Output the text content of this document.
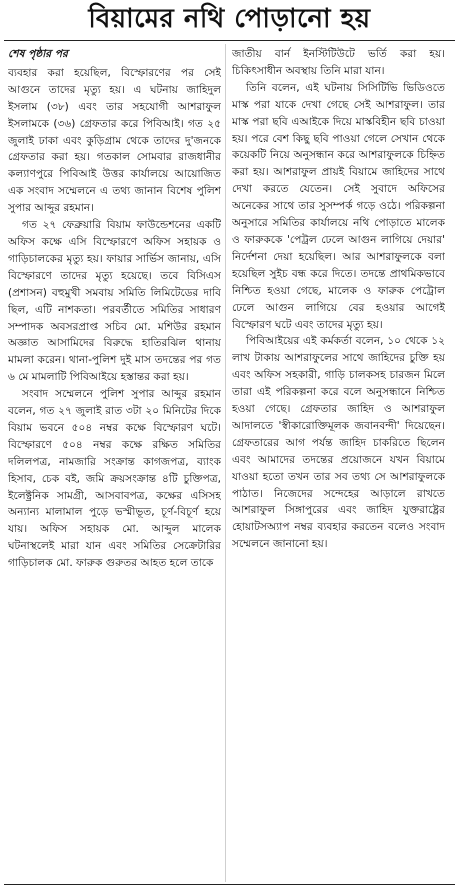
বিয়ামের নথি পোড়ানো হয়
শেষ পৃষ্ঠার পর

ব্যবহার করা হয়েছিল, বিস্ফোরণের পর সেই আগুনে তাদের মৃত্যু হয়। এ ঘটনায় জাহিদুল ইসলাম (৩৮) এবং তার সহযোগী আশরাফুল ইসলামকে (৩৬) গ্রেফতার করে পিবিআই। গত ২৫ জুলাই ঢাকা এবং কুড়িগ্রাম থেকে তাদের দু'জনকে গ্রেফতার করা হয়। গতকাল সোমবার রাজধানীর কল্যাণপুরে পিবিআই উত্তর কার্যালয়ে আয়োজিত এক সংবাদ সম্মেলনে এ তথ্য জানান বিশেষ পুলিশ সুপার আব্দুর রহমান।

গত ২৭ ফেব্রুয়ারি বিয়াম ফাউন্ডেশনের একটি অফিস কক্ষে এসি বিস্ফোরণে অফিস সহায়ক ও গাড়িচালকের মৃত্যু হয়। ফায়ার সার্ভিস জানায়, এসি বিস্ফোরণে তাদের মৃত্যু হয়েছে। তবে বিসিএস (প্রশাসন) বহুমুখী সমবায় সমিতি লিমিটেডের দাবি ছিল, এটি নাশকতা। পরবর্তীতে সমিতির সাধারণ সম্পাদক অবসরপ্রাপ্ত সচিব মো. মশিউর রহমান অজ্ঞাত আসামিদের বিরুদ্ধে হাতিরঝিল থানায় মামলা করেন। থানা-পুলিশ দুই মাস তদন্তের পর গত ৬ মে মামলাটি পিবিআইয়ে হস্তান্তর করা হয়।

সংবাদ সম্মেলনে পুলিশ সুপার আব্দুর রহমান বলেন, গত ২৭ জুলাই রাত ৩টা ২০ মিনিটের দিকে বিয়াম ভবনে ৫০৪ নম্বর কক্ষে বিস্ফোরণ ঘটে। বিস্ফোরণে ৫০৪ নম্বর কক্ষে রক্ষিত সমিতির দলিলপত্র, নামজারি সংক্রান্ত কাগজপত্র, ব্যাংক হিসাব, চেক বই, জমি ক্রয়সংক্রান্ত ৪টি চুক্তিপত্র, ইলেক্ট্রনিক সামগ্রী, আসবাবপত্র, কক্ষের এসিসহ অন্যান্য মালামাল পুড়ে ভস্মীভূত, চূর্ণ-বিচূর্ণ হয়ে যায়। অফিস সহায়ক মো. আব্দুল মালেক ঘটনাস্থলেই মারা যান এবং সমিতির সেক্রেটারির গাড়িচালক মো. ফারুক গুরুতর আহত হলে তাকে

জাতীয় বার্ন ইনস্টিটিউটে ভর্তি করা হয়। চিকিৎসাধীন অবস্থায় তিনি মারা যান।

তিনি বলেন, এই ঘটনায় সিসিটিভি ভিডিওতে মাস্ক পরা যাকে দেখা গেছে সেই আশরাফুল। তার মাস্ক পরা ছবি এআইকে দিয়ে মাস্কবিহীন ছবি চাওয়া হয়। পরে বেশ কিছু ছবি পাওয়া গেলে সেখান থেকে কয়েকটি নিয়ে অনুসন্ধান করে আশরাফুলকে চিহ্নিত করা হয়। আশরাফুল প্রায়ই বিয়ামে জাহিদের সাথে দেখা করতে যেতেন। সেই সুবাদে অফিসের অনেকের সাথে তার সুসম্পর্ক গড়ে ওঠে। পরিকল্পনা অনুসারে সমিতির কার্যালয়ে নথি পোড়াতে মালেক ও ফারুককে 'পেট্রল ঢেলে আগুন লাগিয়ে দেয়ার' নির্দেশনা দেয়া হয়েছিল। আর আশরাফুলকে বলা হয়েছিল সুইচ বন্ধ করে দিতে। তদন্তে প্রাথমিকভাবে নিশ্চিত হওয়া গেছে, মালেক ও ফারুক পেট্রোল ঢেলে আগুন লাগিয়ে বের হওয়ার আগেই বিস্ফোরণ ঘটে এবং তাদের মৃত্যু হয়।

পিবিআইয়ের এই কর্মকর্তা বলেন, ১০ থেকে ১২ লাখ টাকায় আশরাফুলের সাথে জাহিদের চুক্তি হয় এবং অফিস সহকারী, গাড়ি চালকসহ চারজন মিলে তারা এই পরিকল্পনা করে বলে অনুসন্ধানে নিশ্চিত হওয়া গেছে। গ্রেফতার জাহিদ ও আশরাফুল আদালতে 'স্বীকারোক্তিমূলক জবানবন্দী' দিয়েছেন। গ্রেফতারের আগ পর্যন্ত জাহিদ চাকরিতে ছিলেন এবং আমাদের তদন্তের প্রয়োজনে যখন বিয়ামে যাওয়া হতো তখন তার সব তথ্য সে আশরাফুলকে পাঠাত। নিজেদের সন্দেহের আড়ালে রাখতে আশরাফুল সিঙ্গাপুরের এবং জাহিদ যুক্তরাষ্ট্রের হোয়াটসঅ্যাপ নম্বর ব্যবহার করতেন বলেও সংবাদ সম্মেলনে জানানো হয়।
